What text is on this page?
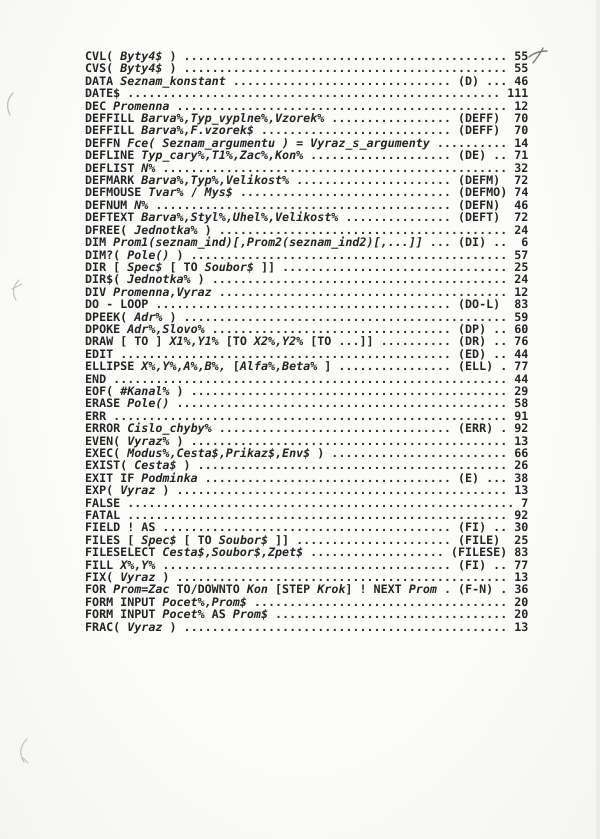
CVL( Byty4$ ) .............................................. 55
CVS( Byty4$ ) .............................................. 55
DATA Seznam_konstant ............................... (D) ... 46
DATE$ ..................................................... 111
DEC Promenna ............................................... 12
DEFFILL Barva%,Typ_vyplne%,Vzorek% ................. (DEFF)  70
DEFFILL Barva%,F.vzorek$ ........................... (DEFF)  70
DEFFN Fce( Seznam_argumentu ) = Vyraz_s_argumenty .......... 14
DEFLINE Typ_cary%,T1%,Zac%,Kon% .................... (DE) .. 71
DEFLIST N% ................................................. 32
DEFMARK Barva%,Typ%,Velikost% ...................... (DEFM)  72
DEFMOUSE Tvar% / Mys$ .............................. (DEFMO) 74
DEFNUM N% .......................................... (DEFN)  46
DEFTEXT Barva%,Styl%,Uhel%,Velikost% ............... (DEFT)  72
DFREE( Jednotka% ) ......................................... 24
DIM Prom1(seznam_ind)[,Prom2(seznam_ind2)[,...]] ... (DI) ..  6
DIM?( Pole() ) ............................................. 57
DIR [ Spec$ [ TO Soubor$ ]] ................................ 25
DIR$( Jednotka% ) .......................................... 24
DIV Promenna,Vyraz ......................................... 12
DO - LOOP .......................................... (DO-L)  83
DPEEK( Adr% ) .............................................. 59
DPOKE Adr%,Slovo% .................................. (DP) .. 60
DRAW [ TO ] X1%,Y1% [TO X2%,Y2% [TO ...]] .......... (DR) .. 76
EDIT ............................................... (ED) .. 44
ELLIPSE X%,Y%,A%,B%, [Alfa%,Beta% ] ................ (ELL) . 77
END ........................................................ 44
EOF( #Kanal% ) ............................................. 29
ERASE Pole() ............................................... 58
ERR ........................................................ 91
ERROR Cislo_chyby% ................................. (ERR) . 92
EVEN( Vyraz% ) ............................................. 13
EXEC( Modus%,Cesta$,Prikaz$,Env$ ) ......................... 66
EXIST( Cesta$ ) ............................................ 26
EXIT IF Podminka ................................... (E) ... 38
EXP( Vyraz ) ............................................... 13
FALSE ....................................................... 7
FATAL ...................................................... 92
FIELD ! AS ......................................... (FI) .. 30
FILES [ Spec$ [ TO Soubor$ ]] ...................... (FILE)  25
FILESELECT Cesta$,Soubor$,Zpet$ ................... (FILESE) 83
FILL X%,Y% ......................................... (FI) .. 77
FIX( Vyraz ) ............................................... 13
FOR Prom=Zac TO/DOWNTO Kon [STEP Krok] ! NEXT Prom . (F-N) . 36
FORM INPUT Pocet%,Prom$ .................................... 20
FORM INPUT Pocet% AS Prom$ ................................. 20
FRAC( Vyraz ) .............................................. 13
